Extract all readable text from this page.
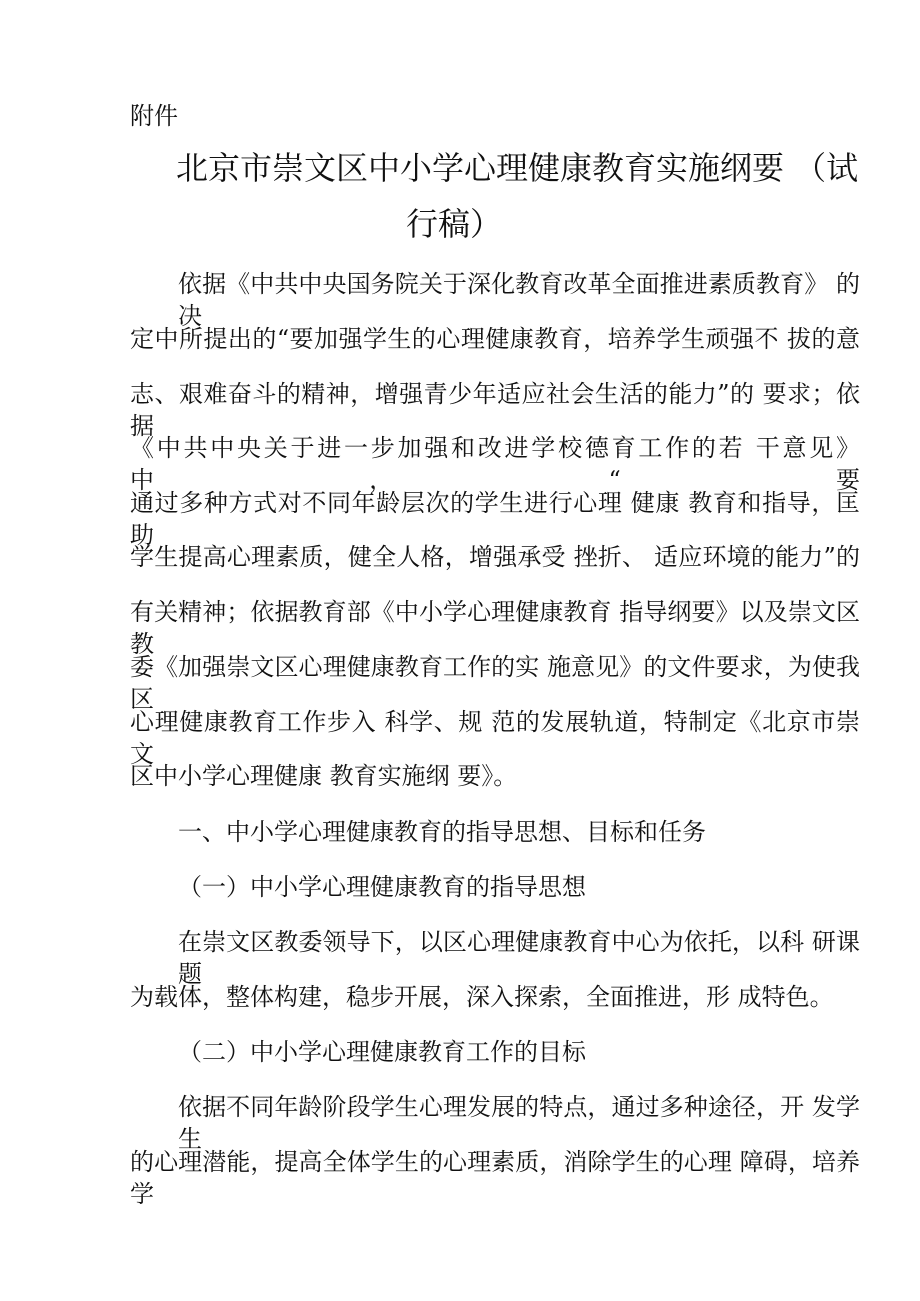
附件
北京市崇文区中小学心理健康教育实施纲要 （试
行稿）
依据《中共中央国务院关于深化教育改革全面推进素质教育》 的决
定中所提出的“要加强学生的心理健康教育，培养学生顽强不 拔的意
志、艰难奋斗的精神，增强青少年适应社会生活的能力”的 要求；依据
《中共中央关于进一步加强和改进学校德育工作的若 干意见》中，“要
通过多种方式对不同年龄层次的学生进行心理 健康 教育和指导，匡助
学生提高心理素质，健全人格，增强承受 挫折、 适应环境的能力”的
有关精神；依据教育部《中小学心理健康教育 指导纲要》以及崇文区教
委《加强崇文区心理健康教育工作的实 施意见》的文件要求，为使我区
心理健康教育工作步入 科学、规 范的发展轨道，特制定《北京市崇文
区中小学心理健康 教育实施纲 要》。
一、中小学心理健康教育的指导思想、目标和任务
（一）中小学心理健康教育的指导思想
在崇文区教委领导下，以区心理健康教育中心为依托，以科 研课题
为载体，整体构建，稳步开展，深入探索，全面推进，形 成特色。
（二）中小学心理健康教育工作的目标
依据不同年龄阶段学生心理发展的特点，通过多种途径，开 发学生
的心理潜能，提高全体学生的心理素质，消除学生的心理 障碍，培养学
